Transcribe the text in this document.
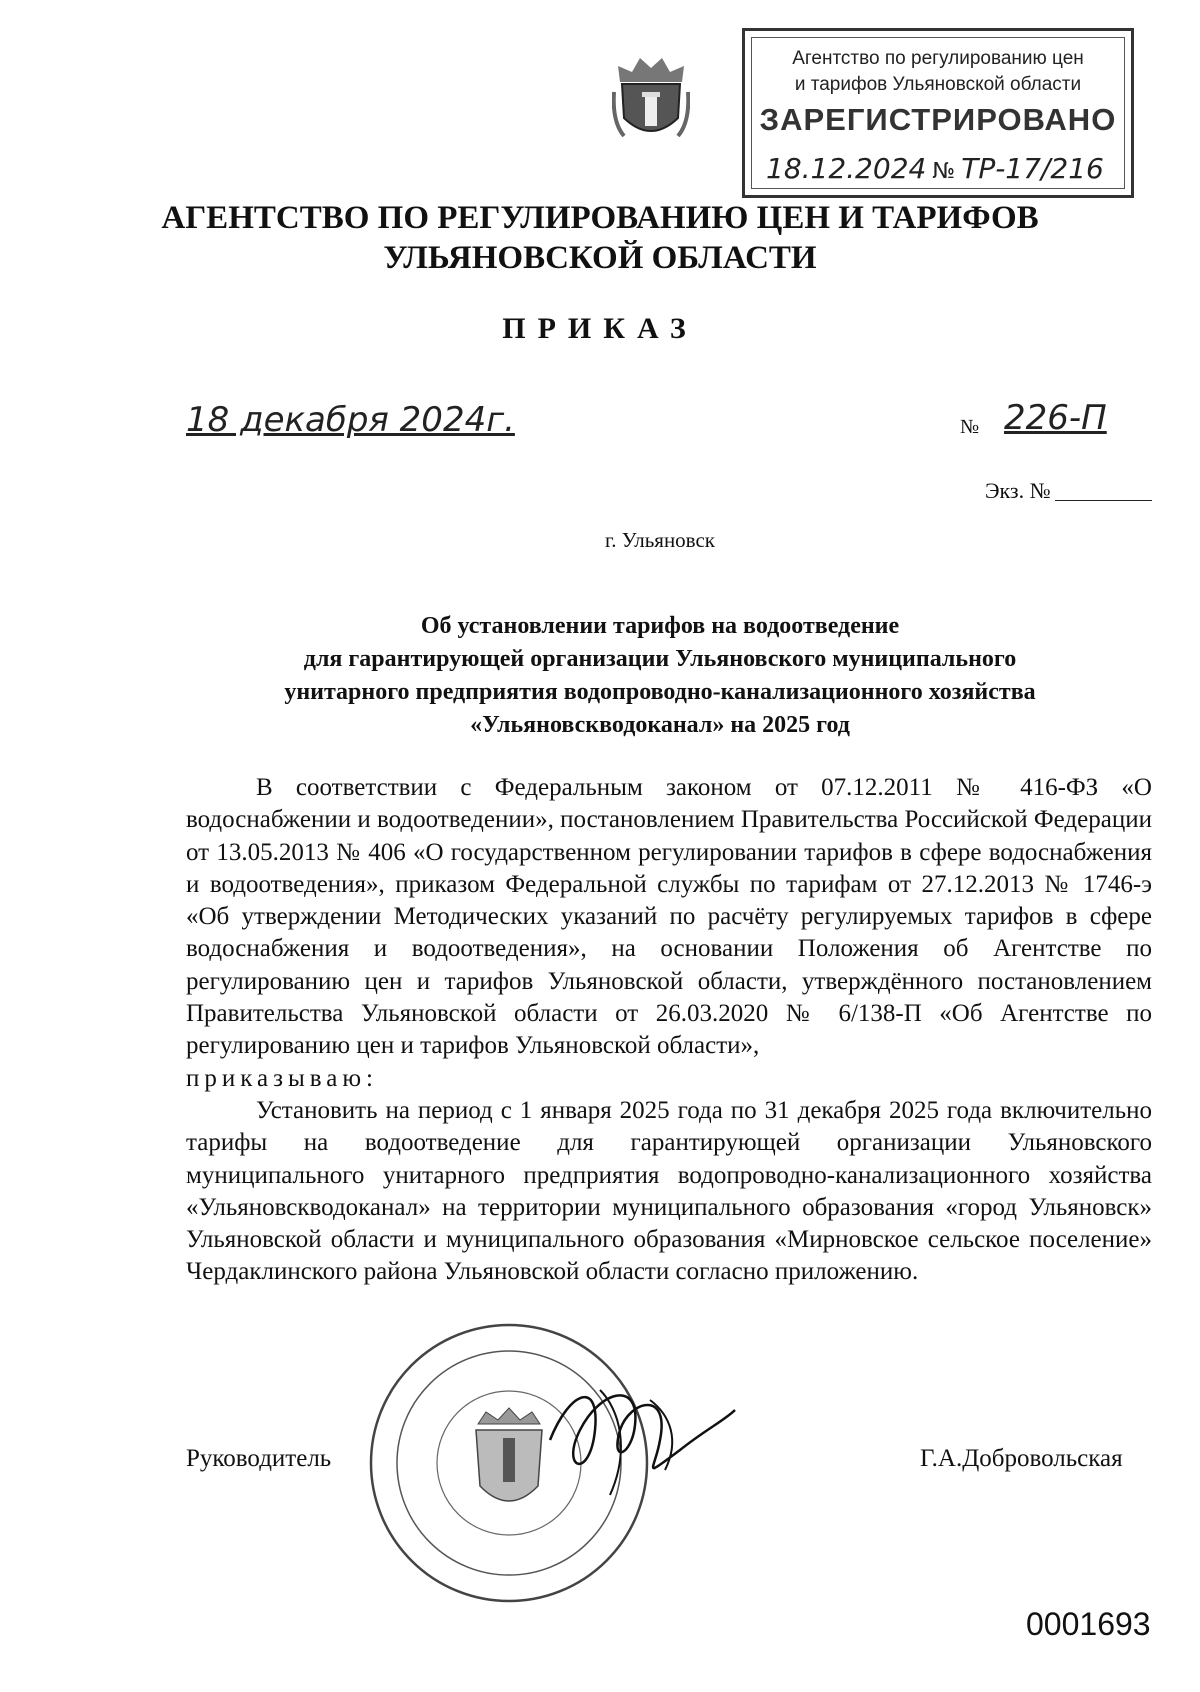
Агентство по регулированию цен
и тарифов Ульяновской области
ЗАРЕГИСТРИРОВАНО
18.12.2024 № ТР-17/216
АГЕНТСТВО ПО РЕГУЛИРОВАНИЮ ЦЕН И ТАРИФОВ
УЛЬЯНОВСКОЙ ОБЛАСТИ
ПРИКАЗ
18 декабря 2024г.	№ 226-П
Экз. №
г. Ульяновск
Об установлении тарифов на водоотведение
для гарантирующей организации Ульяновского муниципального
унитарного предприятия водопроводно-канализационного хозяйства
«Ульяновскводоканал» на 2025 год

В соответствии с Федеральным законом от 07.12.2011 № 416-ФЗ «О водоснабжении и водоотведении», постановлением Правительства Российской Федерации от 13.05.2013 № 406 «О государственном регулировании тарифов в сфере водоснабжения и водоотведения», приказом Федеральной службы по тарифам от 27.12.2013 № 1746-э «Об утверждении Методических указаний по расчёту регулируемых тарифов в сфере водоснабжения и водоотведения», на основании Положения об Агентстве по регулированию цен и тарифов Ульяновской области, утверждённого постановлением Правительства Ульяновской области от 26.03.2020 № 6/138-П «Об Агентстве по регулированию цен и тарифов Ульяновской области»,
приказываю:

Установить на период с 1 января 2025 года по 31 декабря 2025 года включительно тарифы на водоотведение для гарантирующей организации Ульяновского муниципального унитарного предприятия водопроводно-канализационного хозяйства «Ульяновскводоканал» на территории муниципального образования «город Ульяновск» Ульяновской области и муниципального образования «Мирновское сельское поселение» Чердаклинского района Ульяновской области согласно приложению.

Руководитель	Г.А.Добровольская
0001693
